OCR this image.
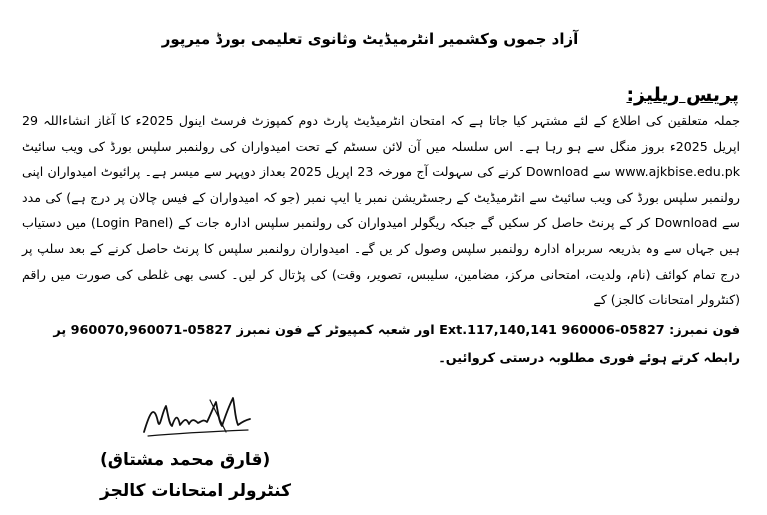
آزاد جموں وکشمیر انٹرمیڈیٹ وثانوی تعلیمی بورڈ میرپور
پریس ریلیز:
جملہ متعلقین کی اطلاع کے لئے مشتہر کیا جاتا ہے کہ امتحان انٹرمیڈیٹ پارٹ دوم کمپوزٹ فرسٹ اینول 2025ء کا آغاز انشاءاللہ 29 اپریل 2025ء بروز منگل سے ہو رہا ہے۔ اس سلسلہ میں آن لائن سسٹم کے تحت امیدواران کی رولنمبر سلپس بورڈ کی ویب سائیٹ www.ajkbise.edu.pk سے Download کرنے کی سہولت آج مورخہ 23 اپریل 2025 بعداز دوپہر سے میسر ہے۔ پرائیوٹ امیدواران اپنی رولنمبر سلپس بورڈ کی ویب سائیٹ سے انٹرمیڈیٹ کے رجسٹریشن نمبر یا ایپ نمبر (جو کہ امیدواران کے فیس چالان پر درج ہے) کی مدد سے Download کر کے پرنٹ حاصل کر سکیں گے جبکہ ریگولر امیدواران کی رولنمبر سلپس ادارہ جات کے (Login Panel) میں دستیاب ہیں جہاں سے وہ بذریعہ سربراہ ادارہ رولنمبر سلپس وصول کر یں گے۔ امیدواران رولنمبر سلپس کا پرنٹ حاصل کرنے کے بعد سلپ پر درج تمام کوائف (نام، ولدیت، امتحانی مرکز، مضامین، سلیبس، تصویر، وقت) کی پڑتال کر لیں۔ کسی بھی غلطی کی صورت میں راقم (کنٹرولر امتحانات کالجز) کے
فون نمبرز: 05827-960006 Ext.117,140,141 اور شعبہ کمپیوٹر کے فون نمبرز 05827-960070,960071 پر رابطہ کرتے ہوئے فوری مطلوبہ درستی کروائیں۔
(قارق محمد مشتاق)
کنٹرولر امتحانات کالجز
